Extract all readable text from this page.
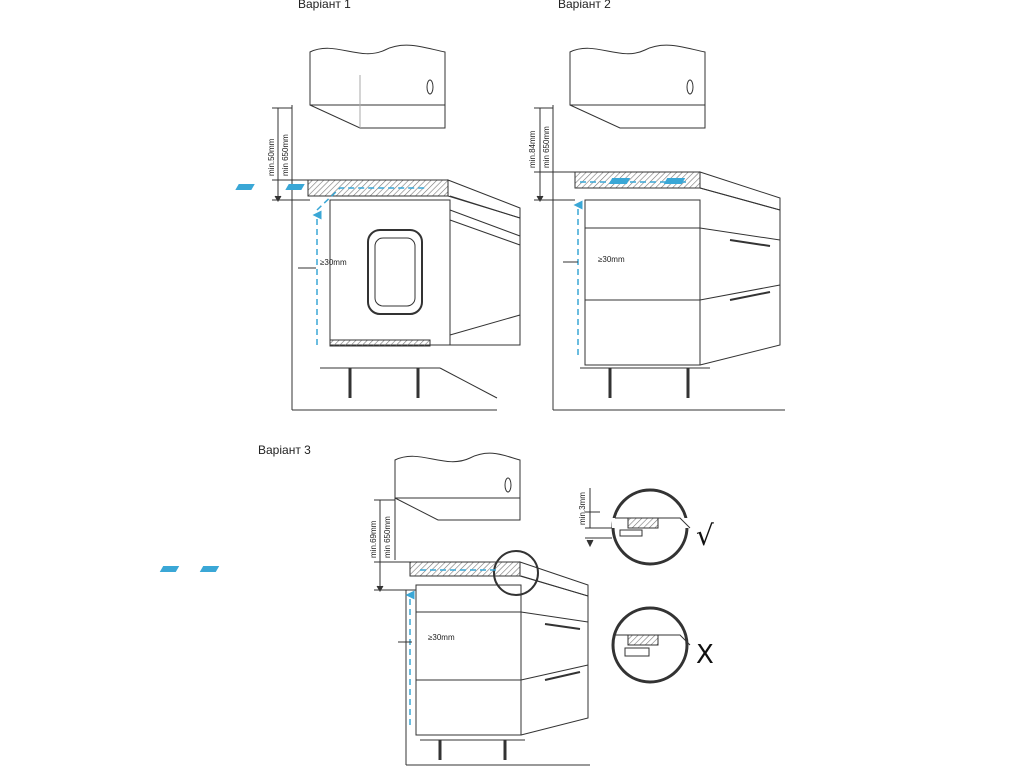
Варіант 1	Варіант 2
Варіант 3
min.50mm min 650mm
≥30mm
min.84mm min 650mm
≥30mm
min.69mm min 650mm
≥30mm
min.3mm
√
X
